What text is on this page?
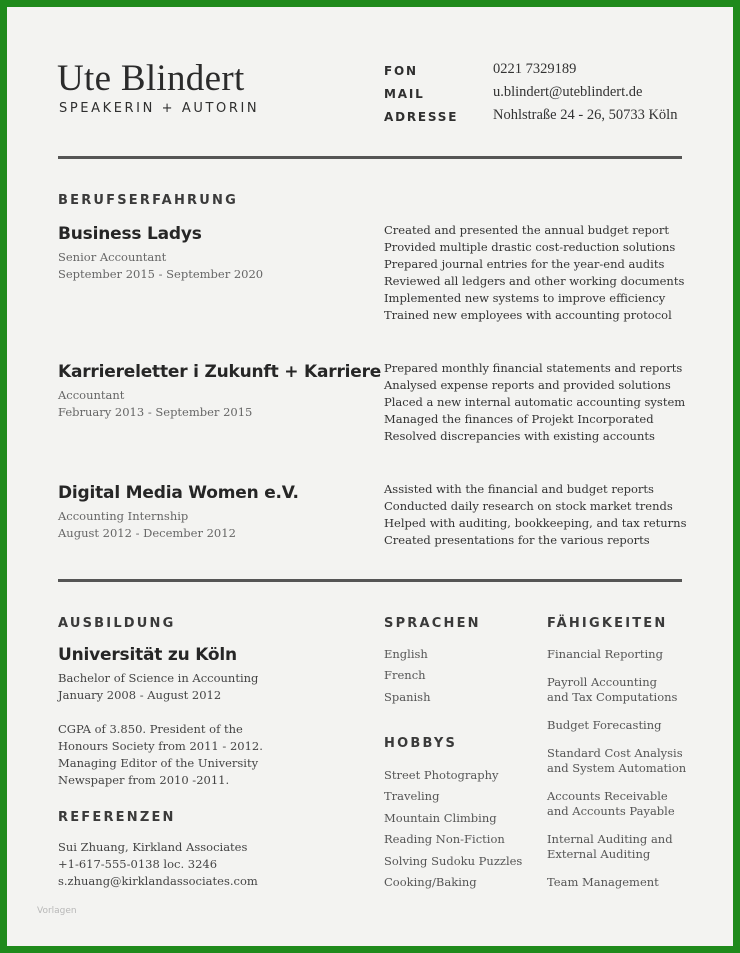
Ute Blindert
SPEAKERIN + AUTORIN
FON	0221 7329189
MAIL	u.blindert@uteblindert.de
ADRESSE Nohlstraße 24 - 26, 50733 Köln
BERUFSERFAHRUNG
Business Ladys
Senior Accountant
September 2015 - September 2020
Created and presented the annual budget report
Provided multiple drastic cost-reduction solutions
Prepared journal entries for the year-end audits
Reviewed all ledgers and other working documents
Implemented new systems to improve efficiency
Trained new employees with accounting protocol
Karriereletter i Zukunft + Karriere
Accountant
February 2013 - September 2015
Prepared monthly financial statements and reports
Analysed expense reports and provided solutions
Placed a new internal automatic accounting system
Managed the finances of Projekt Incorporated
Resolved discrepancies with existing accounts
Digital Media Women e.V.
Accounting Internship
August 2012 - December 2012
Assisted with the financial and budget reports
Conducted daily research on stock market trends
Helped with auditing, bookkeeping, and tax returns
Created presentations for the various reports
AUSBILDUNG
Universität zu Köln
Bachelor of Science in Accounting
January 2008 - August 2012
CGPA of 3.850. President of the
Honours Society from 2011 - 2012.
Managing Editor of the University
Newspaper from 2010 -2011.
REFERENZEN
Sui Zhuang, Kirkland Associates
+1-617-555-0138 loc. 3246
s.zhuang@kirklandassociates.com
SPRACHEN
English
French
Spanish
HOBBYS
Street Photography
Traveling
Mountain Climbing
Reading Non-Fiction
Solving Sudoku Puzzles
Cooking/Baking
FÄHIGKEITEN
Financial Reporting
Payroll Accounting
and Tax Computations
Budget Forecasting
Standard Cost Analysis
and System Automation
Accounts Receivable
and Accounts Payable
Internal Auditing and
External Auditing
Team Management
Vorlagen
